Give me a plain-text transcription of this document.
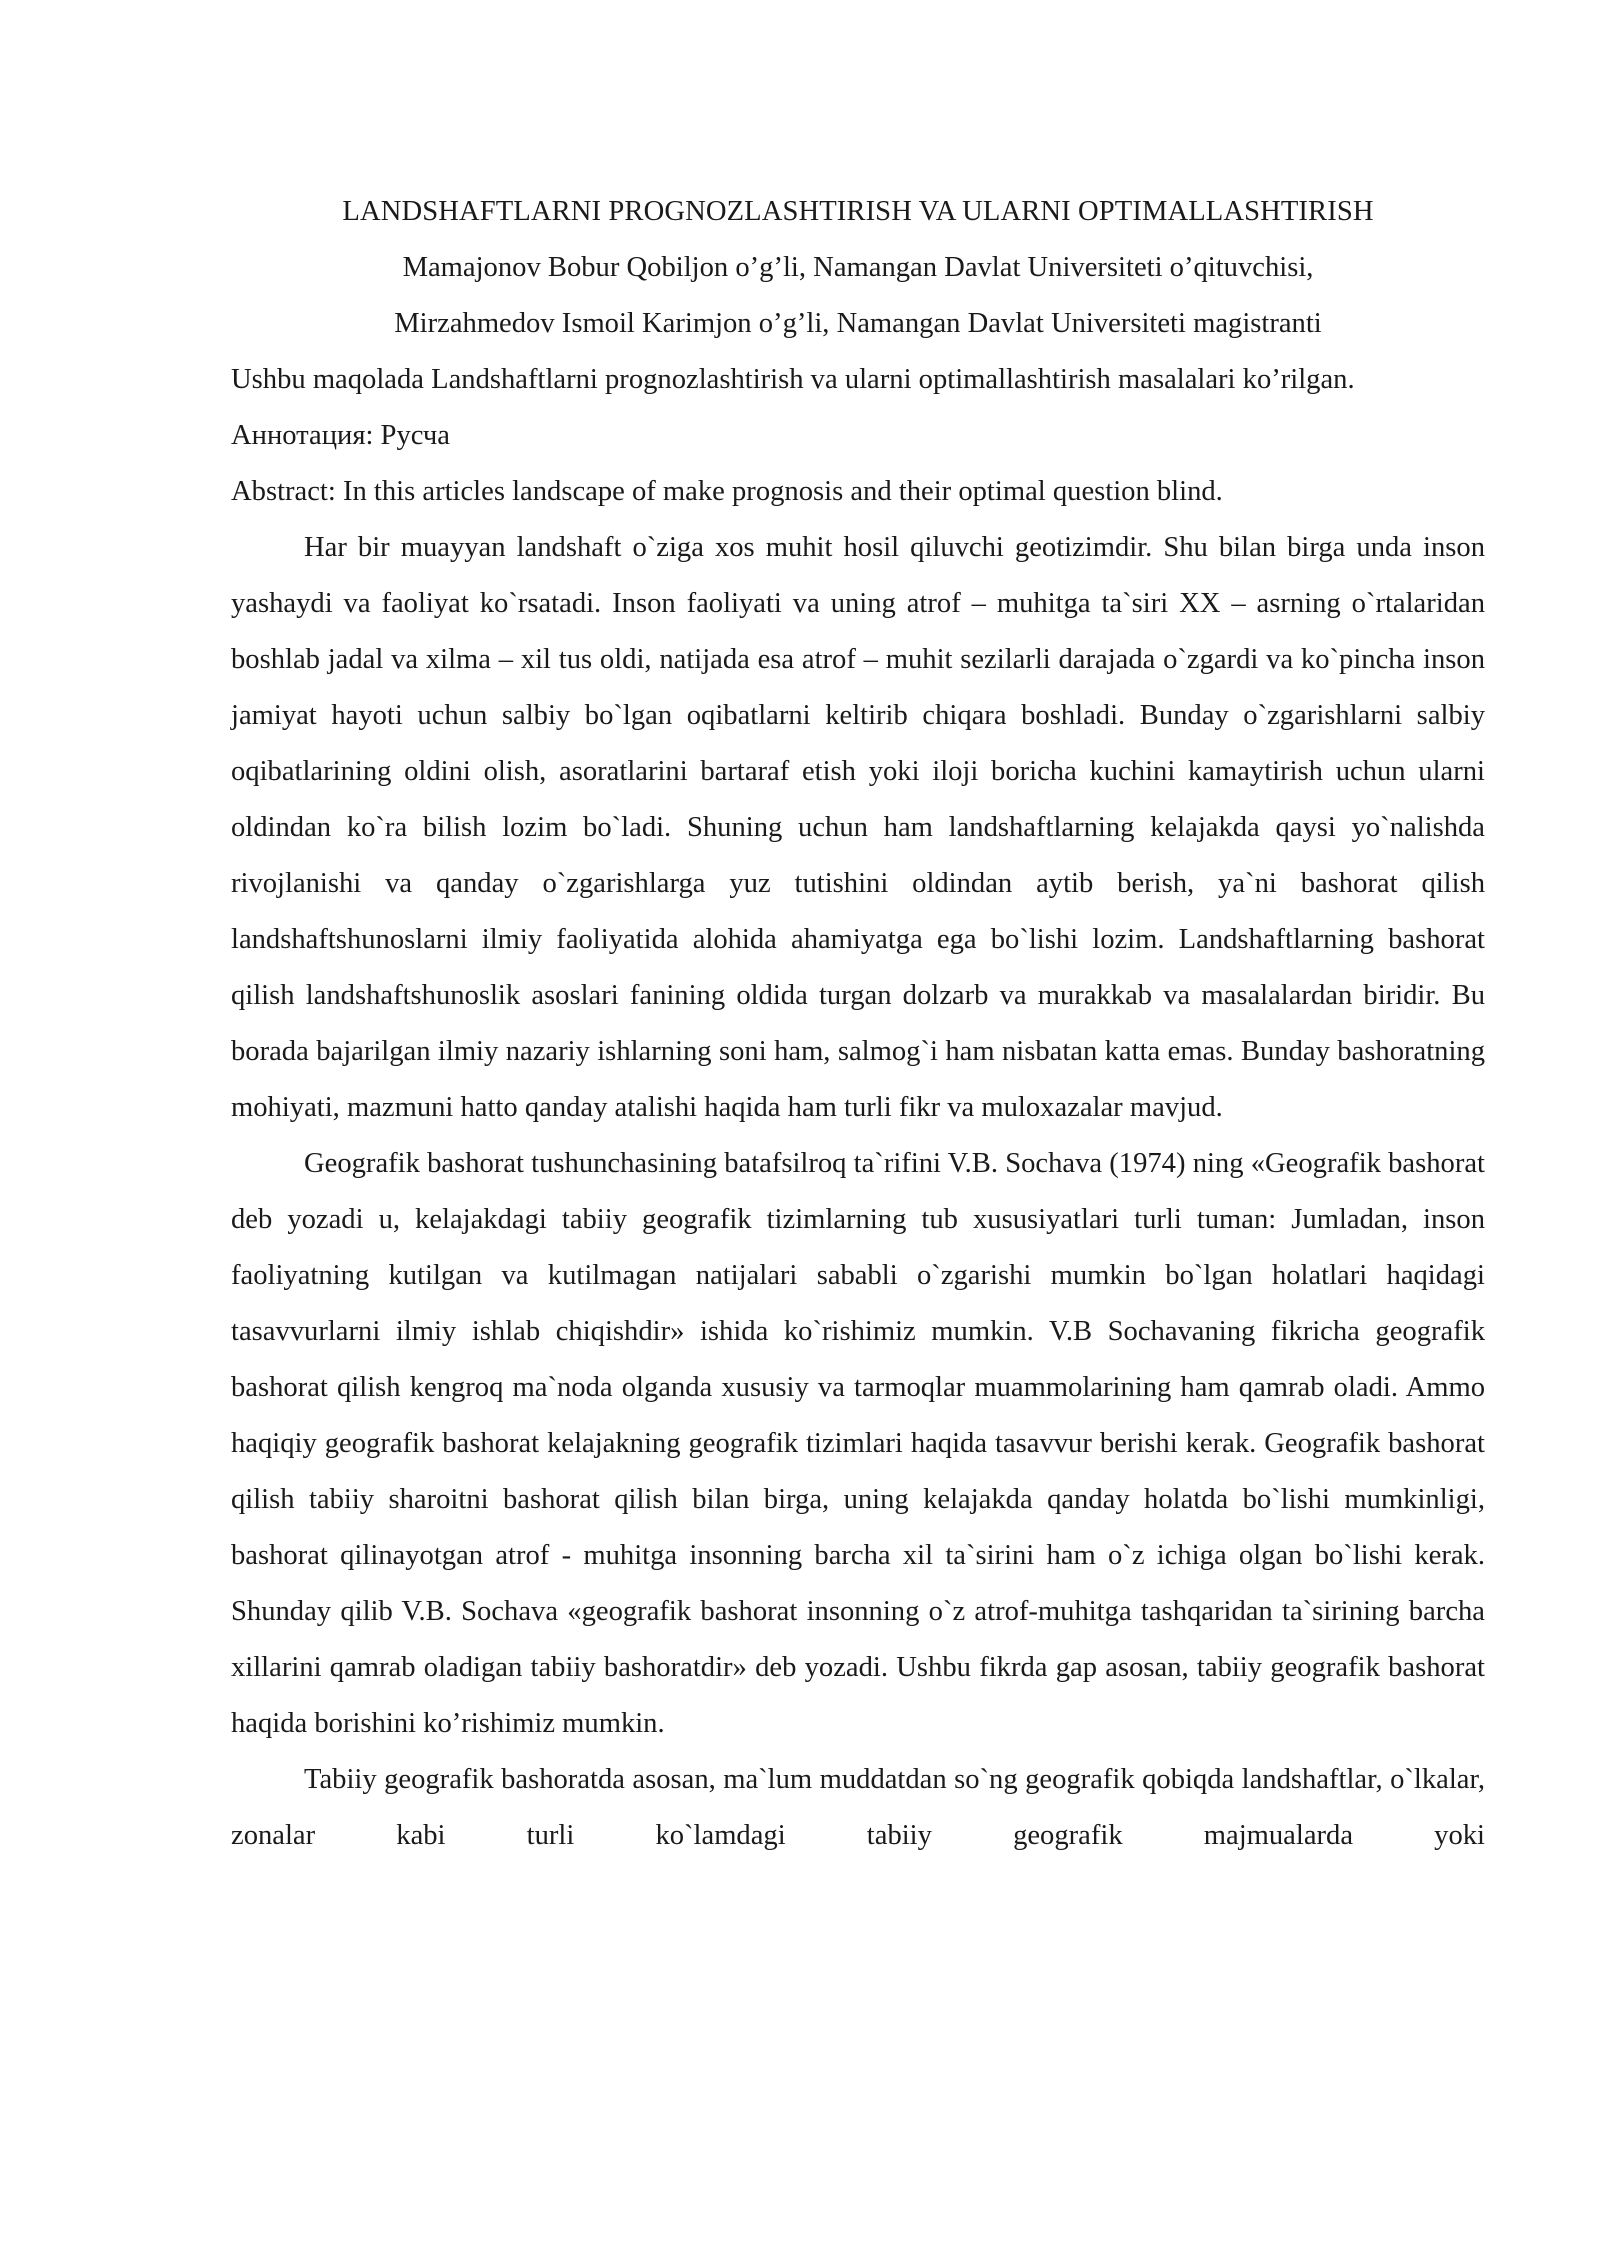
LANDSHAFTLARNI PROGNOZLASHTIRISH VA ULARNI OPTIMALLASHTIRISH

Mamajonov Bobur Qobiljon o’g’li, Namangan Davlat Universiteti o’qituvchisi,

Mirzahmedov Ismoil Karimjon o’g’li, Namangan Davlat Universiteti magistranti

Ushbu maqolada Landshaftlarni prognozlashtirish va ularni optimallashtirish masalalari ko’rilgan.

Аннотация: Русча

Abstract: In this articles landscape of make prognosis and their optimal question blind.

Har bir muayyan landshaft o`ziga xos muhit hosil qiluvchi geotizimdir. Shu bilan birga unda inson yashaydi va faoliyat ko`rsatadi. Inson faoliyati va uning atrof – muhitga ta`siri XX – asrning o`rtalaridan boshlab jadal va xilma – xil tus oldi, natijada esa atrof – muhit sezilarli darajada o`zgardi va ko`pincha inson jamiyat hayoti uchun salbiy bo`lgan oqibatlarni keltirib chiqara boshladi. Bunday o`zgarishlarni salbiy oqibatlarining oldini olish, asoratlarini bartaraf etish yoki iloji boricha kuchini kamaytirish uchun ularni oldindan ko`ra bilish lozim bo`ladi. Shuning uchun ham landshaftlarning kelajakda qaysi yo`nalishda rivojlanishi va qanday o`zgarishlarga yuz tutishini oldindan aytib berish, ya`ni bashorat qilish landshaftshunoslarni ilmiy faoliyatida alohida ahamiyatga ega bo`lishi lozim. Landshaftlarning bashorat qilish landshaftshunoslik asoslari fanining oldida turgan dolzarb va murakkab va masalalardan biridir. Bu borada bajarilgan ilmiy nazariy ishlarning soni ham, salmog`i ham nisbatan katta emas. Bunday bashoratning mohiyati, mazmuni hatto qanday atalishi haqida ham turli fikr va muloxazalar mavjud.

Geografik bashorat tushunchasining batafsilroq ta`rifini V.B. Sochava (1974) ning «Geografik bashorat deb yozadi u, kelajakdagi tabiiy geografik tizimlarning tub xususiyatlari turli tuman: Jumladan, inson faoliyatning kutilgan va kutilmagan natijalari sababli o`zgarishi mumkin bo`lgan holatlari haqidagi tasavvurlarni ilmiy ishlab chiqishdir» ishida ko`rishimiz mumkin. V.B Sochavaning fikricha geografik bashorat qilish kengroq ma`noda olganda xususiy va tarmoqlar muammolarining ham qamrab oladi. Ammo haqiqiy geografik bashorat kelajakning geografik tizimlari haqida tasavvur berishi kerak. Geografik bashorat qilish tabiiy sharoitni bashorat qilish bilan birga, uning kelajakda qanday holatda bo`lishi mumkinligi, bashorat qilinayotgan atrof - muhitga insonning barcha xil ta`sirini ham o`z ichiga olgan bo`lishi kerak. Shunday qilib V.B. Sochava «geografik bashorat insonning o`z atrof-muhitga tashqaridan ta`sirining barcha xillarini qamrab oladigan tabiiy bashoratdir» deb yozadi. Ushbu fikrda gap asosan, tabiiy geografik bashorat haqida borishini ko’rishimiz mumkin.

Tabiiy geografik bashoratda asosan, ma`lum muddatdan so`ng geografik qobiqda landshaftlar, o`lkalar, zonalar kabi turli ko`lamdagi tabiiy geografik majmualarda yoki
